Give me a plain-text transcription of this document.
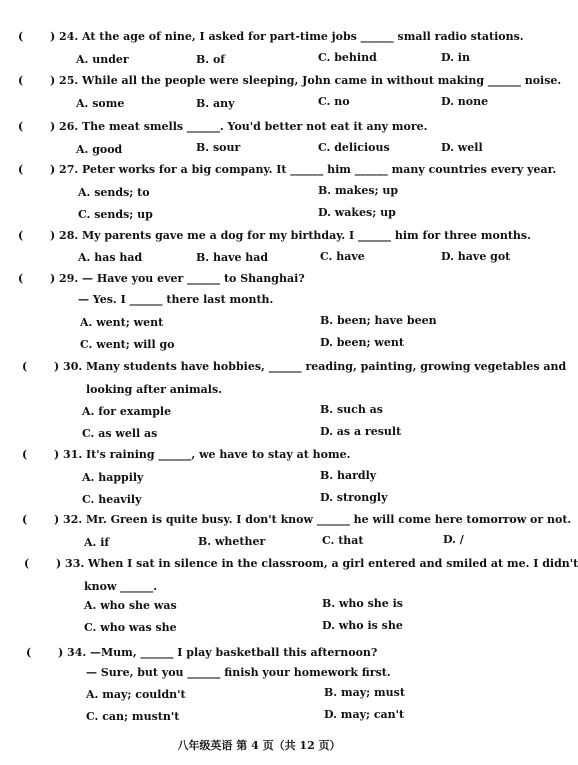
( ) 24. At the age of nine, I asked for part-time jobs ______ small radio stations.
A. under	B. of	C. behind	D. in
( ) 25. While all the people were sleeping, John came in without making ______ noise.
A. some	B. any	C. no	D. none
( ) 26. The meat smells ______. You'd better not eat it any more.
A. good	B. sour	C. delicious	D. well
( ) 27. Peter works for a big company. It ______ him ______ many countries every year.
A. sends; to	B. makes; up
C. sends; up	D. wakes; up
( ) 28. My parents gave me a dog for my birthday. I ______ him for three months.
A. has had	B. have had	C. have	D. have got
( ) 29. — Have you ever ______ to Shanghai?
— Yes. I ______ there last month.
A. went; went	B. been; have been
C. went; will go	D. been; went
( ) 30. Many students have hobbies, ______ reading, painting, growing vegetables and
looking after animals.
A. for example	B. such as
C. as well as	D. as a result
( ) 31. It's raining ______, we have to stay at home.
A. happily	B. hardly
C. heavily	D. strongly
( ) 32. Mr. Green is quite busy. I don't know ______ he will come here tomorrow or not.
A. if	B. whether	C. that	D. /
( ) 33. When I sat in silence in the classroom, a girl entered and smiled at me. I didn't
know ______.
A. who she was	B. who she is
C. who was she	D. who is she
( ) 34. —Mum, ______ I play basketball this afternoon?
— Sure, but you ______ finish your homework first.
A. may; couldn't	B. may; must
C. can; mustn't	D. may; can't
八年级英语 第 4 页（共 12 页）
